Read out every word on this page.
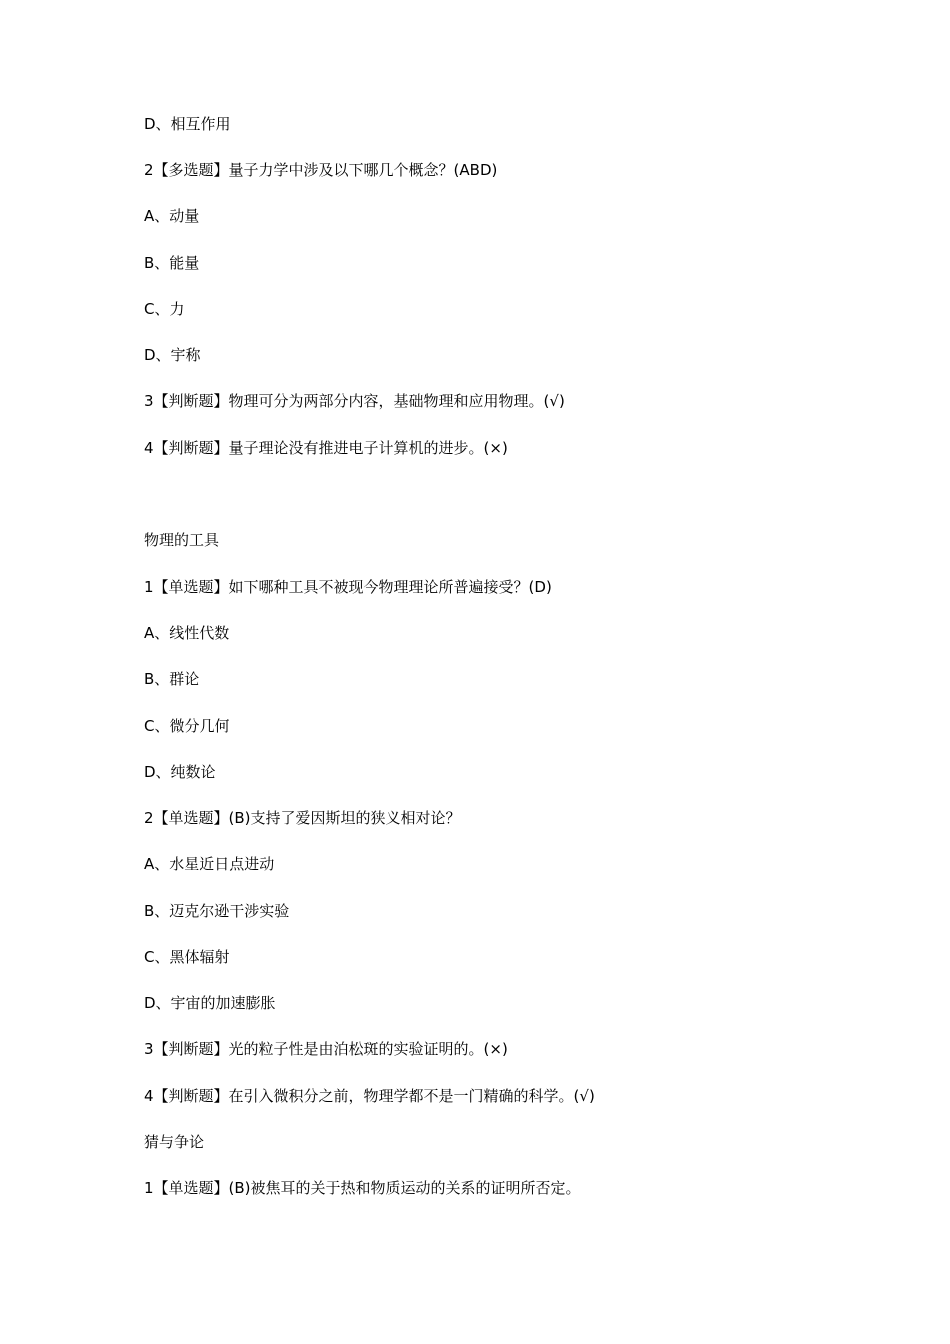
D、相互作用
2【多选题】量子力学中涉及以下哪几个概念？(ABD)
A、动量
B、能量
C、力
D、宇称
3【判断题】物理可分为两部分内容，基础物理和应用物理。(√)
4【判断题】量子理论没有推进电子计算机的进步。(×)
物理的工具
1【单选题】如下哪种工具不被现今物理理论所普遍接受？(D)
A、线性代数
B、群论
C、微分几何
D、纯数论
2【单选题】(B)支持了爱因斯坦的狭义相对论？
A、水星近日点进动
B、迈克尔逊干涉实验
C、黑体辐射
D、宇宙的加速膨胀
3【判断题】光的粒子性是由泊松斑的实验证明的。(×)
4【判断题】在引入微积分之前，物理学都不是一门精确的科学。(√)
猜与争论
1【单选题】(B)被焦耳的关于热和物质运动的关系的证明所否定。
